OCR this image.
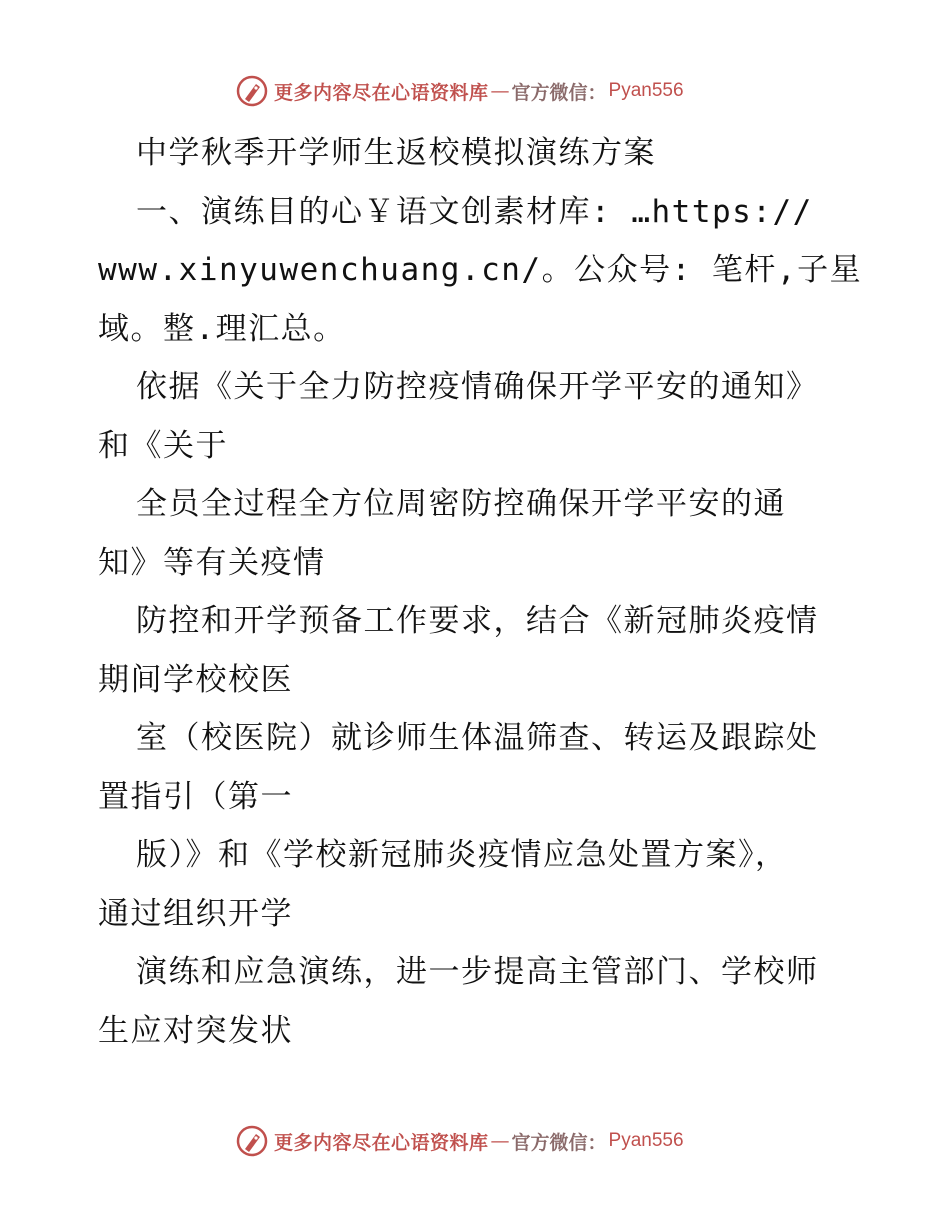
更多内容尽在心语资料库 — 官方微信： Pyan556
中学秋季开学师生返校模拟演练方案
一、演练目的心￥语文创素材库: …https://
www.xinyuwenchuang.cn/。公众号: 笔杆,子星
域。整.理汇总。
依据《关于全力防控疫情确保开学平安的通知》
和《关于
全员全过程全方位周密防控确保开学平安的通
知》等有关疫情
防控和开学预备工作要求，结合《新冠肺炎疫情
期间学校校医
室（校医院）就诊师生体温筛查、转运及跟踪处
置指引（第一
版）》和《学校新冠肺炎疫情应急处置方案》，
通过组织开学
演练和应急演练，进一步提高主管部门、学校师
生应对突发状
更多内容尽在心语资料库 — 官方微信： Pyan556
